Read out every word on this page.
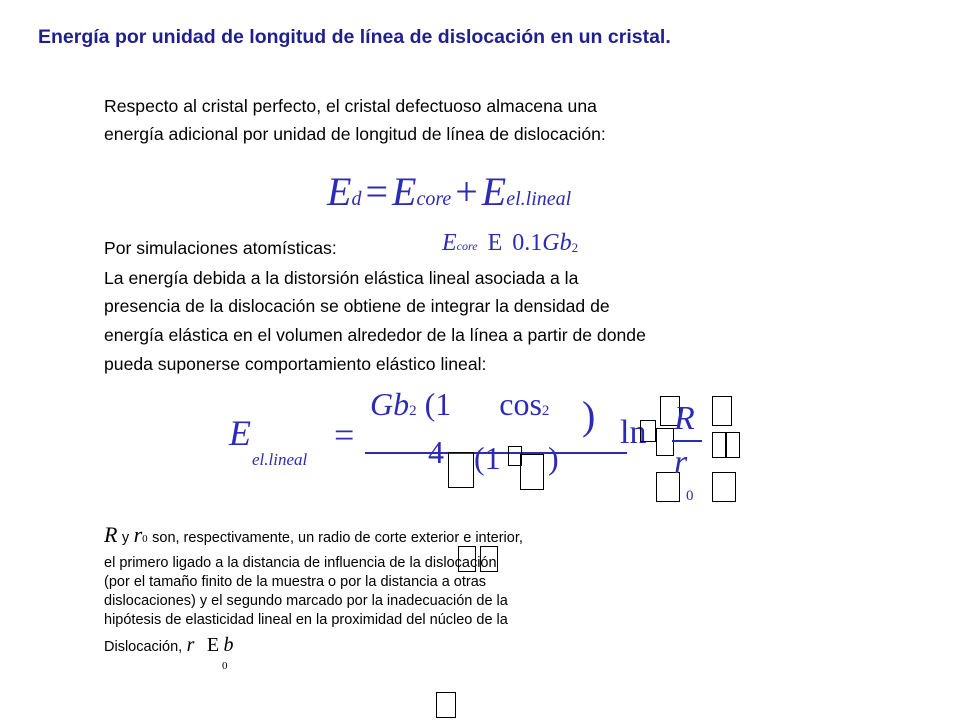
Energía por unidad de longitud de línea de dislocación en un cristal.
Respecto al cristal perfecto, el cristal defectuoso almacena una
energía adicional por unidad de longitud de línea de dislocación:
Ed = Ecore + Eel.lineal
Por simulaciones atomísticas:	Ecore E 0.1Gb2
La energía debida a la distorsión elástica lineal asociada a la
presencia de la dislocación se obtiene de integrar la densidad de
energía elástica en el volumen alrededor de la línea a partir de donde
pueda suponerse comportamiento elástico lineal:
E
el.lineal
=
Gb2 (1 cos2 )
4 (1 )
ln R
r
0
R y r0 son, respectivamente, un radio de corte exterior e interior,
el primero ligado a la distancia de influencia de la dislocación
(por el tamaño finito de la muestra o por la distancia a otras
dislocaciones) y el segundo marcado por la inadecuación de la
hipótesis de elasticidad lineal en la proximidad del núcleo de la
Dislocación, r E b
0
